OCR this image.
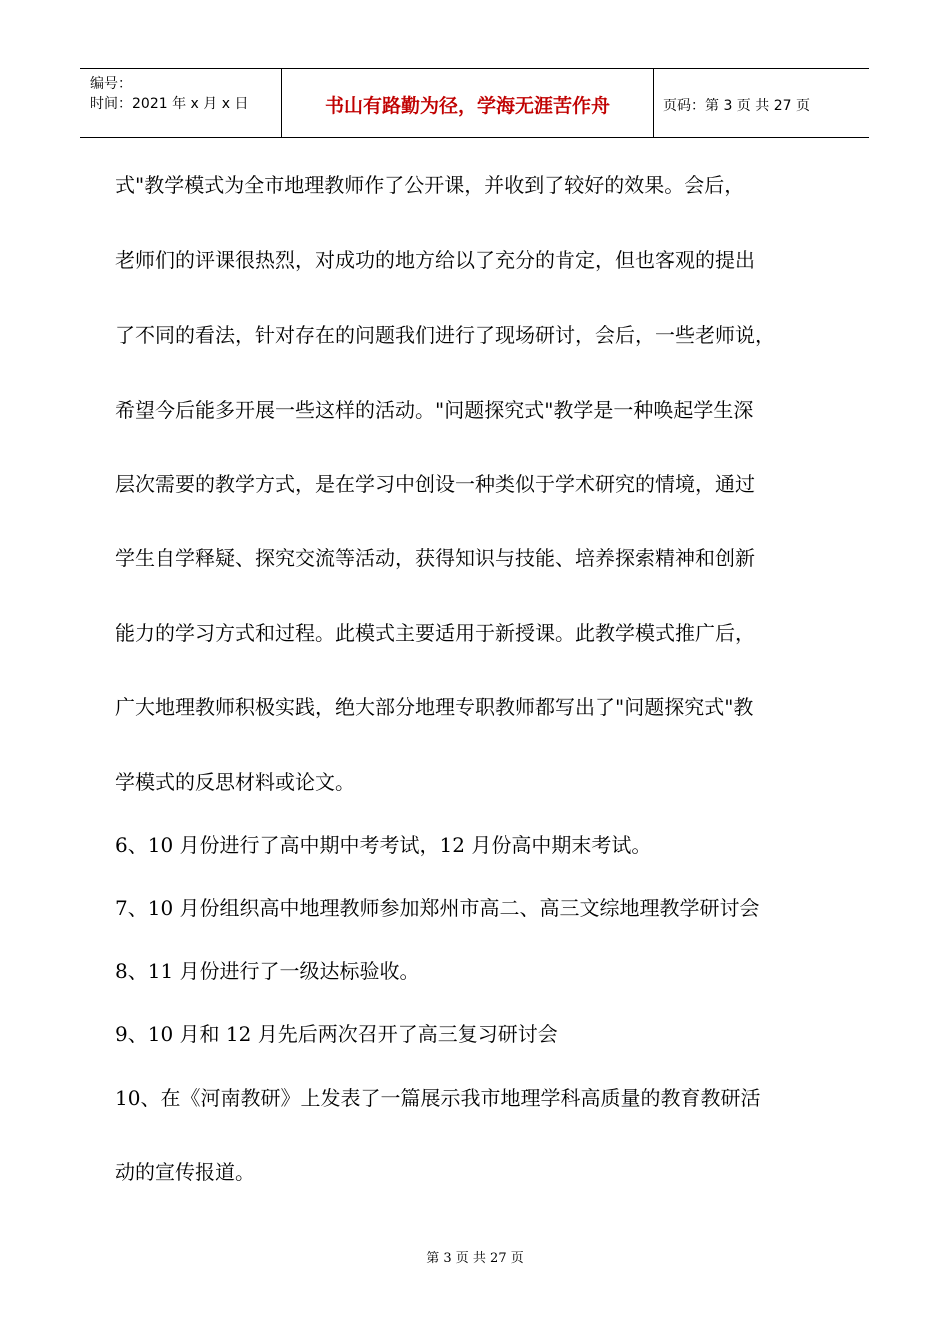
编号：
时间：2021 年 x 月 x 日	书山有路勤为径，学海无涯苦作舟	页码：第 3 页 共 27 页
式"教学模式为全市地理教师作了公开课，并收到了较好的效果。会后，
老师们的评课很热烈，对成功的地方给以了充分的肯定，但也客观的提出
了不同的看法，针对存在的问题我们进行了现场研讨，会后，一些老师说，
希望今后能多开展一些这样的活动。"问题探究式"教学是一种唤起学生深
层次需要的教学方式，是在学习中创设一种类似于学术研究的情境，通过
学生自学释疑、探究交流等活动，获得知识与技能、培养探索精神和创新
能力的学习方式和过程。此模式主要适用于新授课。此教学模式推广后，
广大地理教师积极实践，绝大部分地理专职教师都写出了"问题探究式"教
学模式的反思材料或论文。
6、10 月份进行了高中期中考考试，12 月份高中期末考试。
7、10 月份组织高中地理教师参加郑州市高二、高三文综地理教学研讨会
8、11 月份进行了一级达标验收。
9、10 月和 12 月先后两次召开了高三复习研讨会
10、在《河南教研》上发表了一篇展示我市地理学科高质量的教育教研活
动的宣传报道。
第 3 页 共 27 页
